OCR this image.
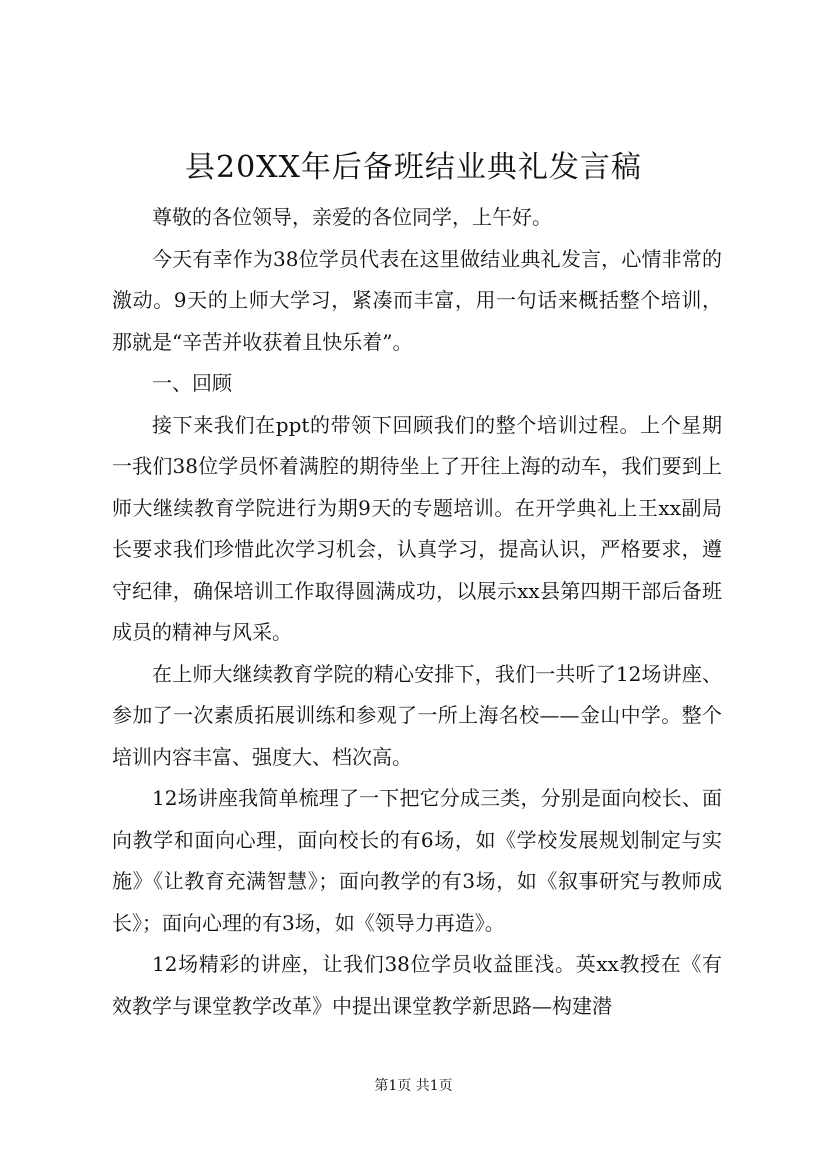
县20XX年后备班结业典礼发言稿

尊敬的各位领导，亲爱的各位同学，上午好。

今天有幸作为38位学员代表在这里做结业典礼发言，心情非常的激动。9天的上师大学习，紧凑而丰富，用一句话来概括整个培训，那就是“辛苦并收获着且快乐着”。

一、回顾

接下来我们在ppt的带领下回顾我们的整个培训过程。上个星期一我们38位学员怀着满腔的期待坐上了开往上海的动车，我们要到上师大继续教育学院进行为期9天的专题培训。在开学典礼上王xx副局长要求我们珍惜此次学习机会，认真学习，提高认识，严格要求，遵守纪律，确保培训工作取得圆满成功，以展示xx县第四期干部后备班成员的精神与风采。

在上师大继续教育学院的精心安排下，我们一共听了12场讲座、参加了一次素质拓展训练和参观了一所上海名校——金山中学。整个培训内容丰富、强度大、档次高。

12场讲座我简单梳理了一下把它分成三类，分别是面向校长、面向教学和面向心理，面向校长的有6场，如《学校发展规划制定与实施》《让教育充满智慧》；面向教学的有3场，如《叙事研究与教师成长》；面向心理的有3场，如《领导力再造》。

12场精彩的讲座，让我们38位学员收益匪浅。英xx教授在《有效教学与课堂教学改革》中提出课堂教学新思路—构建潜

第1页 共1页
